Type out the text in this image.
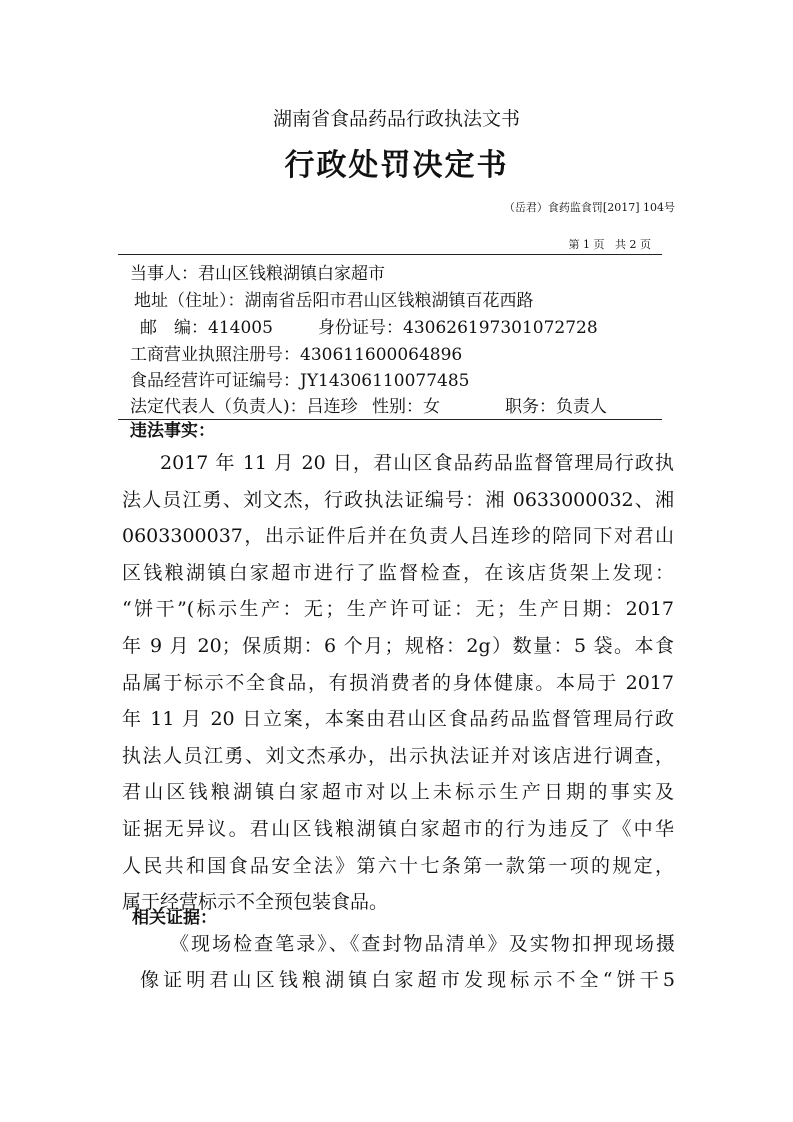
湖南省食品药品行政执法文书
行政处罚决定书
（岳君）食药监食罚[2017] 104号
第 1 页 共 2 页
当事人：君山区钱粮湖镇白家超市
地址（住址）：湖南省岳阳市君山区钱粮湖镇百花西路
邮　编：414005	身份证号：430626197301072728
工商营业执照注册号：430611600064896
食品经营许可证编号：JY14306110077485
法定代表人（负责人)：吕连珍 性别：女	职务：负责人
违法事实：

2017 年 11 月 20 日，君山区食品药品监督管理局行政执

法人员江勇、刘文杰，行政执法证编号：湘 0633000032、湘

0603300037，出示证件后并在负责人吕连珍的陪同下对君山

区钱粮湖镇白家超市进行了监督检查，在该店货架上发现：

“饼干”(标示生产：无；生产许可证：无；生产日期：2017

年 9 月 20；保质期：6 个月；规格：2g）数量：5 袋。本食

品属于标示不全食品，有损消费者的身体健康。本局于 2017

年 11 月 20 日立案，本案由君山区食品药品监督管理局行政

执法人员江勇、刘文杰承办，出示执法证并对该店进行调查，

君山区钱粮湖镇白家超市对以上未标示生产日期的事实及

证据无异议。君山区钱粮湖镇白家超市的行为违反了《中华

人民共和国食品安全法》第六十七条第一款第一项的规定，

属于经营标示不全预包装食品。

相关证据：

《现场检查笔录》、《查封物品清单》及实物扣押现场摄

像证明君山区钱粮湖镇白家超市发现标示不全“饼干5
